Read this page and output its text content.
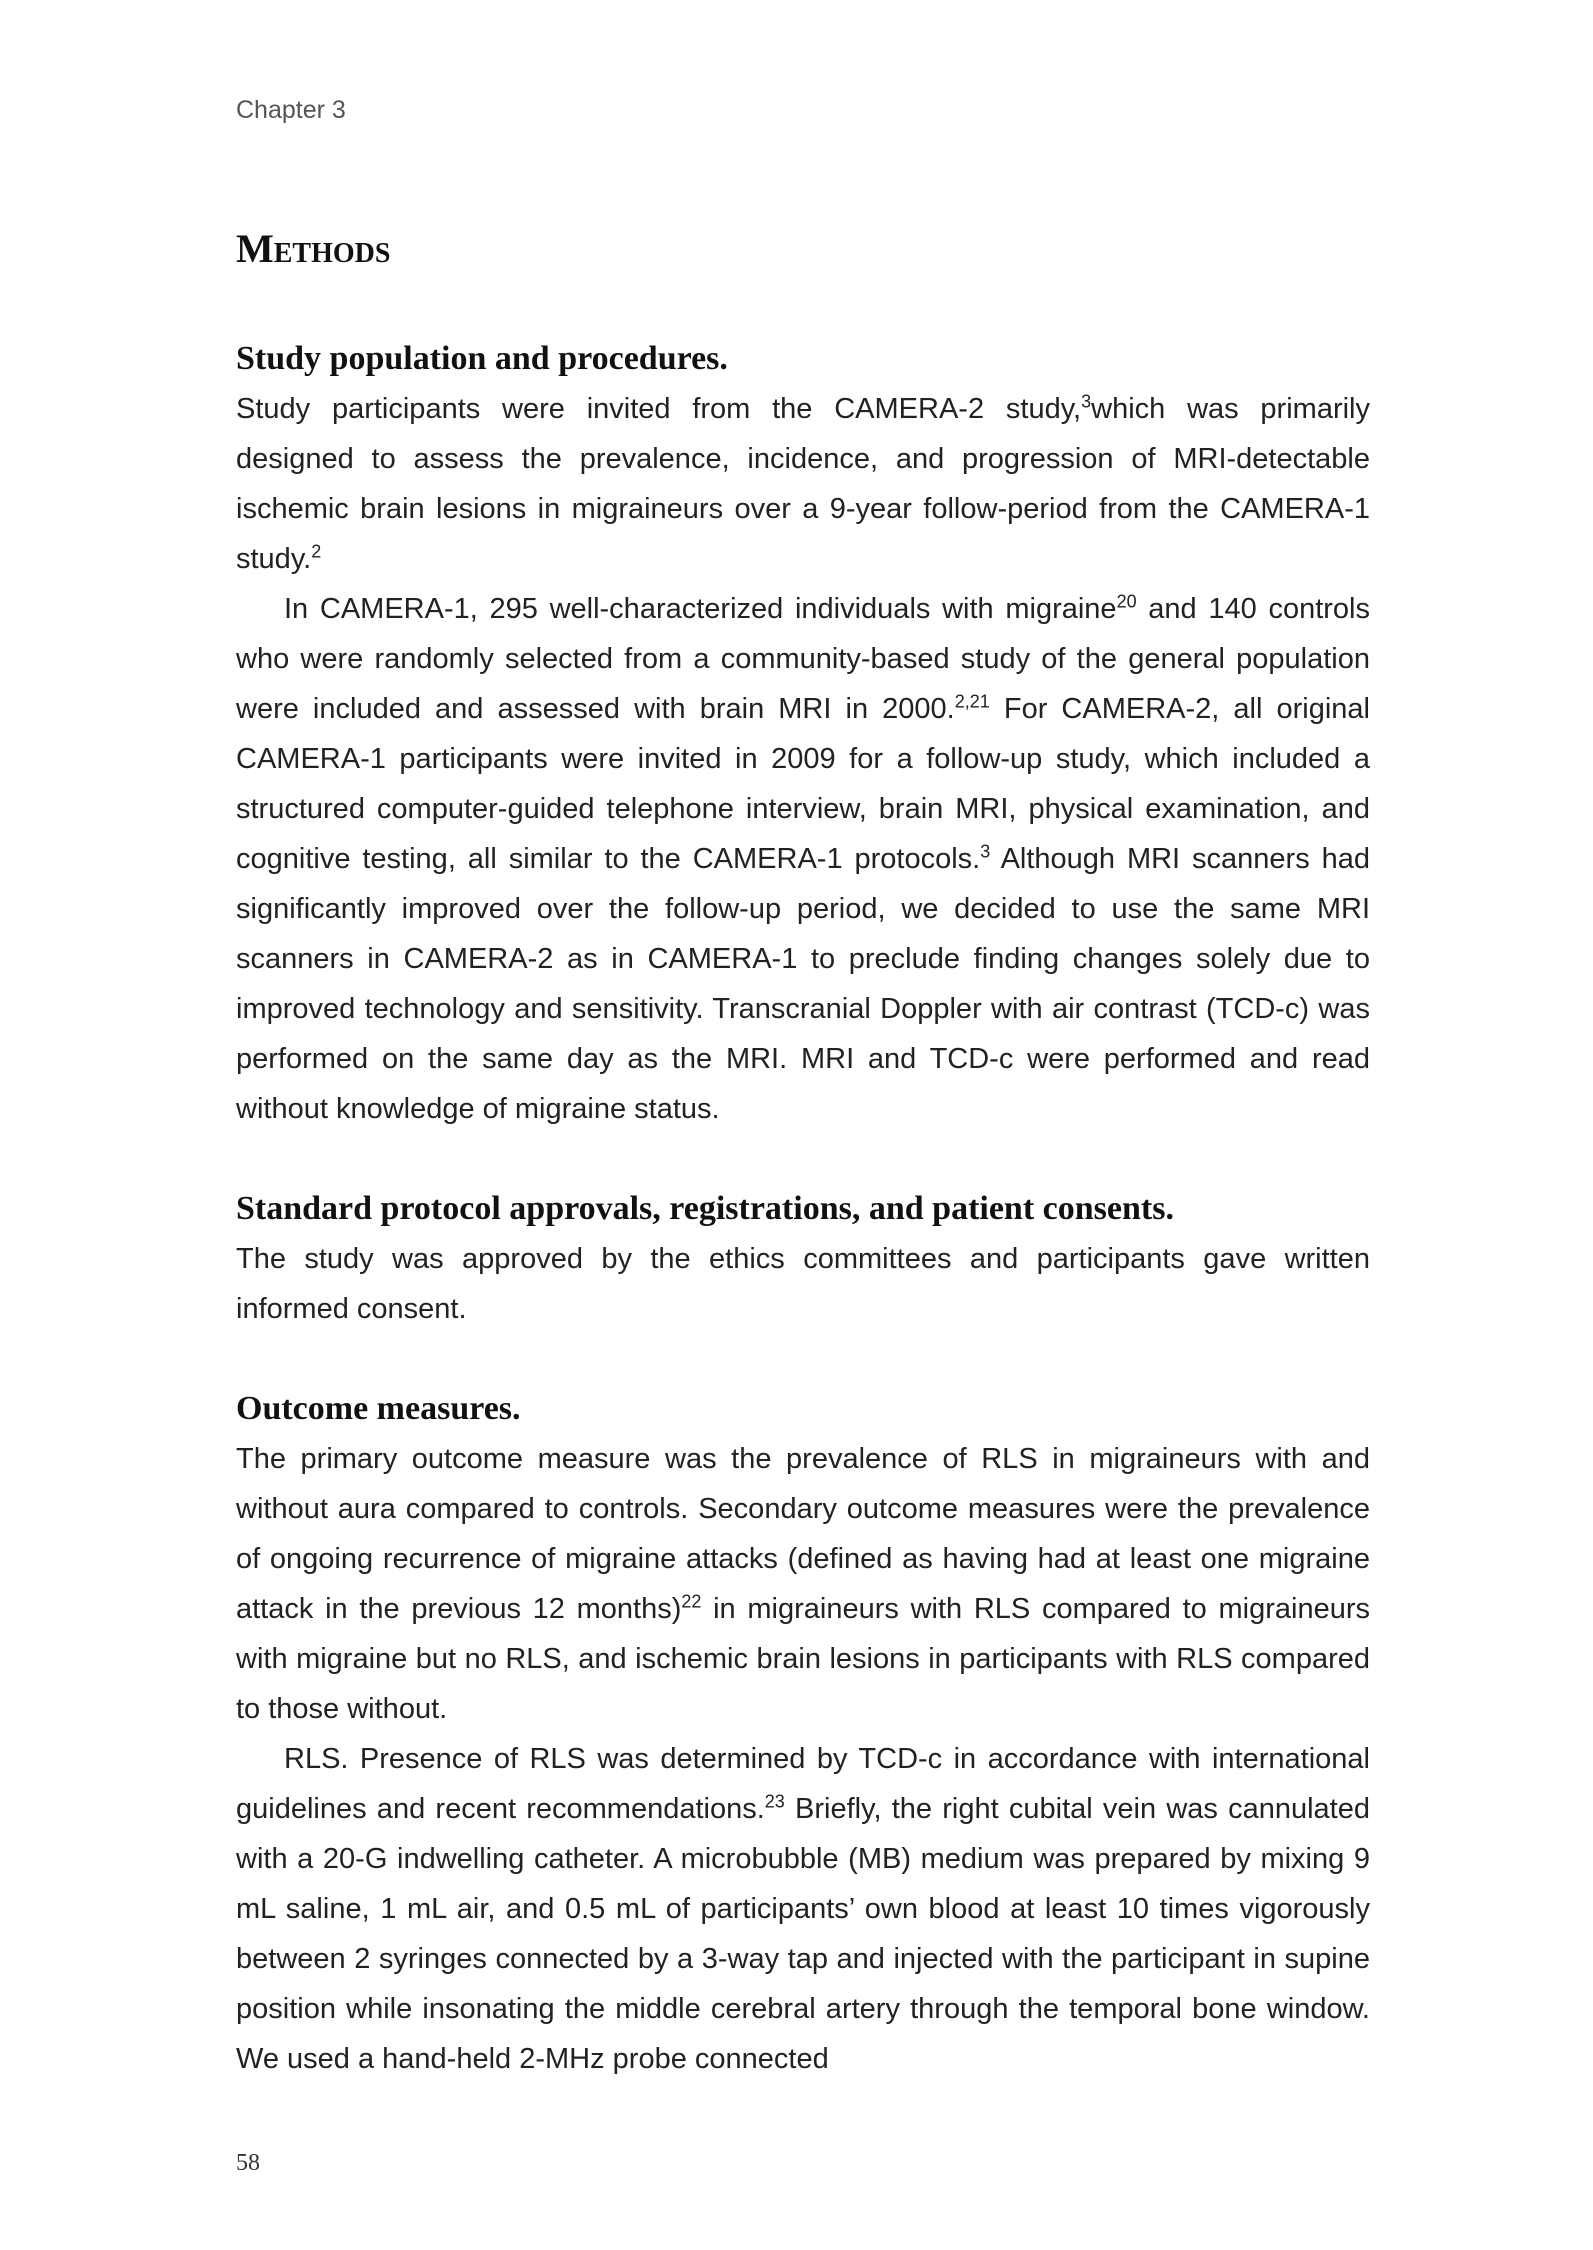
Chapter 3
Methods
Study population and procedures.

Study participants were invited from the CAMERA-2 study,$^3$which was primarily designed to assess the prevalence, incidence, and progression of MRI-detectable ischemic brain lesions in migraineurs over a 9-year follow-period from the CAMERA-1 study.$^2$

In CAMERA-1, 295 well-characterized individuals with migraine$^{20}$ and 140 controls who were randomly selected from a community-based study of the general population were included and assessed with brain MRI in 2000.$^{2,21}$ For CAMERA-2, all original CAMERA-1 participants were invited in 2009 for a follow-up study, which included a structured computer-guided telephone interview, brain MRI, physical examination, and cognitive testing, all similar to the CAMERA-1 protocols.$^3$ Although MRI scanners had significantly improved over the follow-up period, we decided to use the same MRI scanners in CAMERA-2 as in CAMERA-1 to preclude finding changes solely due to improved technology and sensitivity. Transcranial Doppler with air contrast (TCD-c) was performed on the same day as the MRI. MRI and TCD-c were performed and read without knowledge of migraine status.

Standard protocol approvals, registrations, and patient consents.

The study was approved by the ethics committees and participants gave written informed consent.

Outcome measures.

The primary outcome measure was the prevalence of RLS in migraineurs with and without aura compared to controls. Secondary outcome measures were the prevalence of ongoing recurrence of migraine attacks (defined as having had at least one migraine attack in the previous 12 months)$^{22}$ in migraineurs with RLS compared to migraineurs with migraine but no RLS, and ischemic brain lesions in participants with RLS compared to those without.

RLS. Presence of RLS was determined by TCD-c in accordance with international guidelines and recent recommendations.$^{23}$ Briefly, the right cubital vein was cannulated with a 20-G indwelling catheter. A microbubble (MB) medium was prepared by mixing 9 mL saline, 1 mL air, and 0.5 mL of participants’ own blood at least 10 times vigorously between 2 syringes connected by a 3-way tap and injected with the participant in supine position while insonating the middle cerebral artery through the temporal bone window. We used a hand-held 2-MHz probe connected

58
